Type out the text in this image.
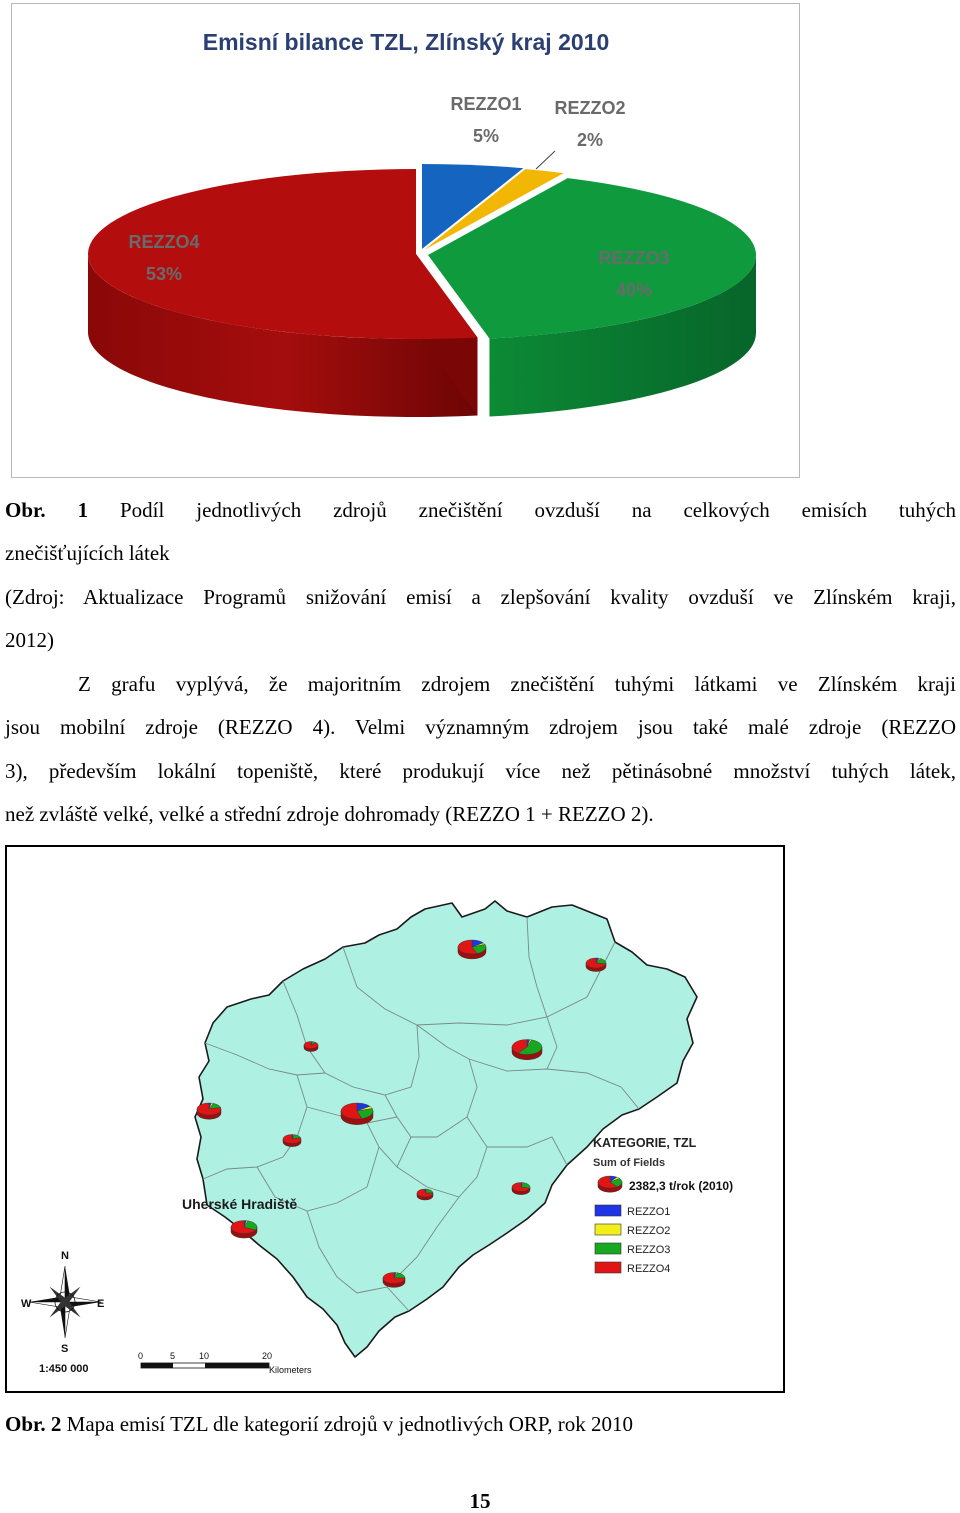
Emisní bilance TZL, Zlínský kraj 2010
REZZO1
5%
REZZO2
2%
REZZO3
40%
REZZO4
53%
Obr. 1 Podíl jednotlivých zdrojů znečištění ovzduší na celkových emisích tuhých
znečišťujících látek
(Zdroj: Aktualizace Programů snižování emisí a zlepšování kvality ovzduší ve Zlínském kraji,
2012)
Z grafu vyplývá, že majoritním zdrojem znečištění tuhými látkami ve Zlínském kraji
jsou mobilní zdroje (REZZO 4). Velmi významným zdrojem jsou také malé zdroje (REZZO
3), především lokální topeniště, které produkují více než pětinásobné množství tuhých látek,
než zvláště velké, velké a střední zdroje dohromady (REZZO 1 + REZZO 2).
Uherské Hradiště
KATEGORIE, TZL
Sum of Fields
2382,3 t/rok (2010)
REZZO1
REZZO2
REZZO3
REZZO4
N
S
E
W
1:450 000
0	5	10	20
Kilometers
Obr. 2 Mapa emisí TZL dle kategorií zdrojů v jednotlivých ORP, rok 2010
15
